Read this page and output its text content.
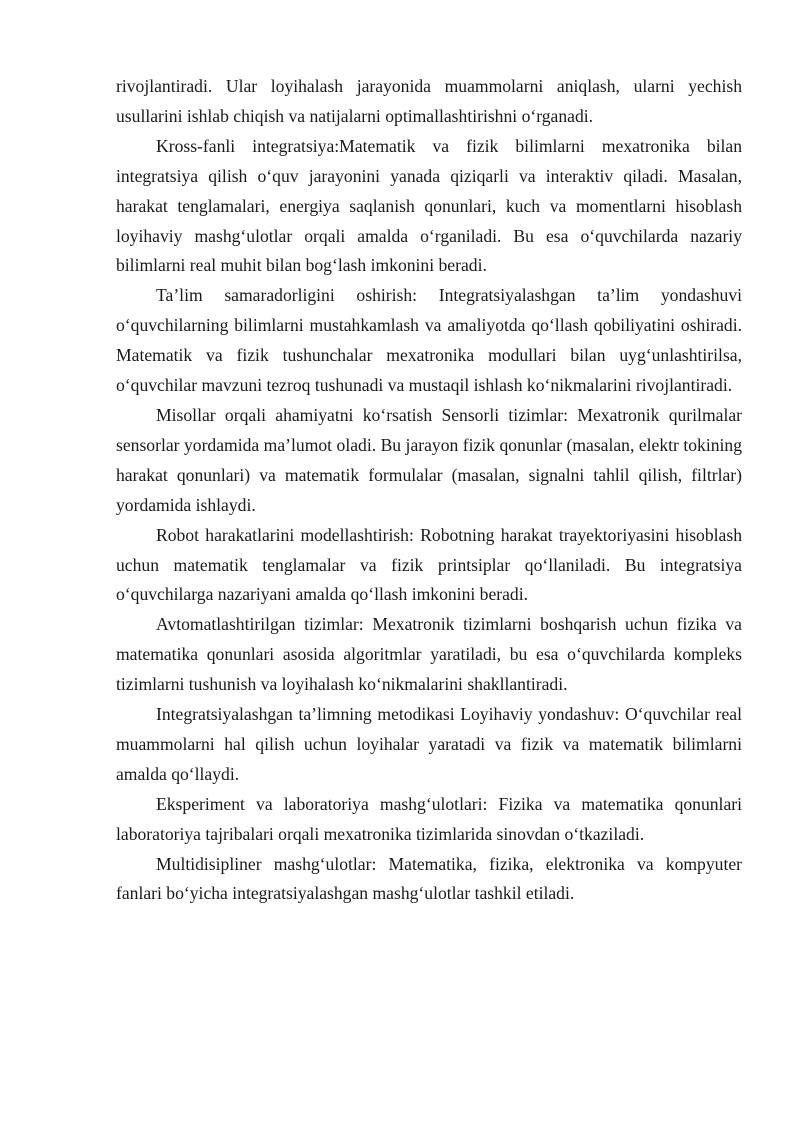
rivojlantiradi. Ular loyihalash jarayonida muammolarni aniqlash, ularni yechish usullarini ishlab chiqish va natijalarni optimallashtirishni o‘rganadi.

Kross-fanli integratsiya:Matematik va fizik bilimlarni mexatronika bilan integratsiya qilish o‘quv jarayonini yanada qiziqarli va interaktiv qiladi. Masalan, harakat tenglamalari, energiya saqlanish qonunlari, kuch va momentlarni hisoblash loyihaviy mashg‘ulotlar orqali amalda o‘rganiladi. Bu esa o‘quvchilarda nazariy bilimlarni real muhit bilan bog‘lash imkonini beradi.

Ta’lim samaradorligini oshirish: Integratsiyalashgan ta’lim yondashuvi o‘quvchilarning bilimlarni mustahkamlash va amaliyotda qo‘llash qobiliyatini oshiradi. Matematik va fizik tushunchalar mexatronika modullari bilan uyg‘unlashtirilsa, o‘quvchilar mavzuni tezroq tushunadi va mustaqil ishlash ko‘nikmalarini rivojlantiradi.

Misollar orqali ahamiyatni ko‘rsatish Sensorli tizimlar: Mexatronik qurilmalar sensorlar yordamida ma’lumot oladi. Bu jarayon fizik qonunlar (masalan, elektr tokining harakat qonunlari) va matematik formulalar (masalan, signalni tahlil qilish, filtrlar) yordamida ishlaydi.

Robot harakatlarini modellashtirish: Robotning harakat trayektoriyasini hisoblash uchun matematik tenglamalar va fizik printsiplar qo‘llaniladi. Bu integratsiya o‘quvchilarga nazariyani amalda qo‘llash imkonini beradi.

Avtomatlashtirilgan tizimlar: Mexatronik tizimlarni boshqarish uchun fizika va matematika qonunlari asosida algoritmlar yaratiladi, bu esa o‘quvchilarda kompleks tizimlarni tushunish va loyihalash ko‘nikmalarini shakllantiradi.

Integratsiyalashgan ta’limning metodikasi Loyihaviy yondashuv: O‘quvchilar real muammolarni hal qilish uchun loyihalar yaratadi va fizik va matematik bilimlarni amalda qo‘llaydi.

Eksperiment va laboratoriya mashg‘ulotlari: Fizika va matematika qonunlari laboratoriya tajribalari orqali mexatronika tizimlarida sinovdan o‘tkaziladi.

Multidisipliner mashg‘ulotlar: Matematika, fizika, elektronika va kompyuter fanlari bo‘yicha integratsiyalashgan mashg‘ulotlar tashkil etiladi.
